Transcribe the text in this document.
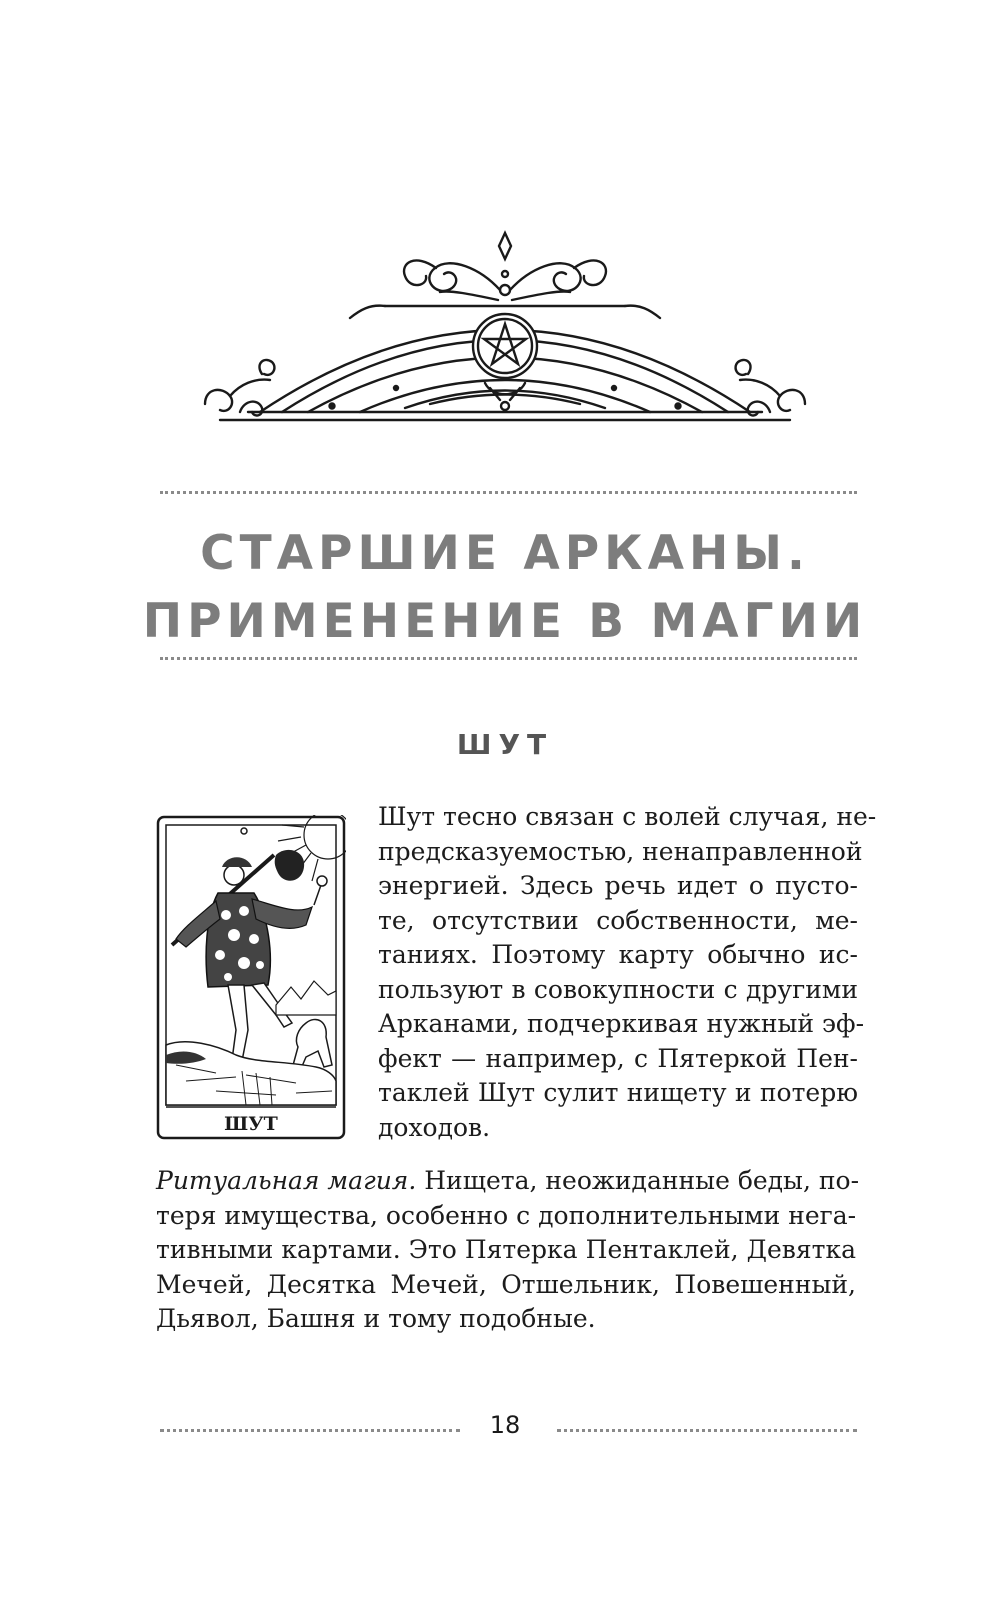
СТАРШИЕ АРКАНЫ.
ПРИМЕНЕНИЕ В МАГИИ
ШУТ
ШУТ

Шут тесно связан с волей случая, не-
предсказуемостью, ненаправленной
энергией. Здесь речь идет о пусто-
те, отсутствии собственности, ме-
таниях. Поэтому карту обычно ис-
пользуют в совокупности с другими
Арканами, подчеркивая нужный эф-
фект — например, с Пятеркой Пен-
таклей Шут сулит нищету и потерю
доходов.

Ритуальная магия. Нищета, неожиданные беды, по-
теря имущества, особенно с дополнительными нега-
тивными картами. Это Пятерка Пентаклей, Девятка
Мечей, Десятка Мечей, Отшельник, Повешенный,
Дьявол, Башня и тому подобные.

18
